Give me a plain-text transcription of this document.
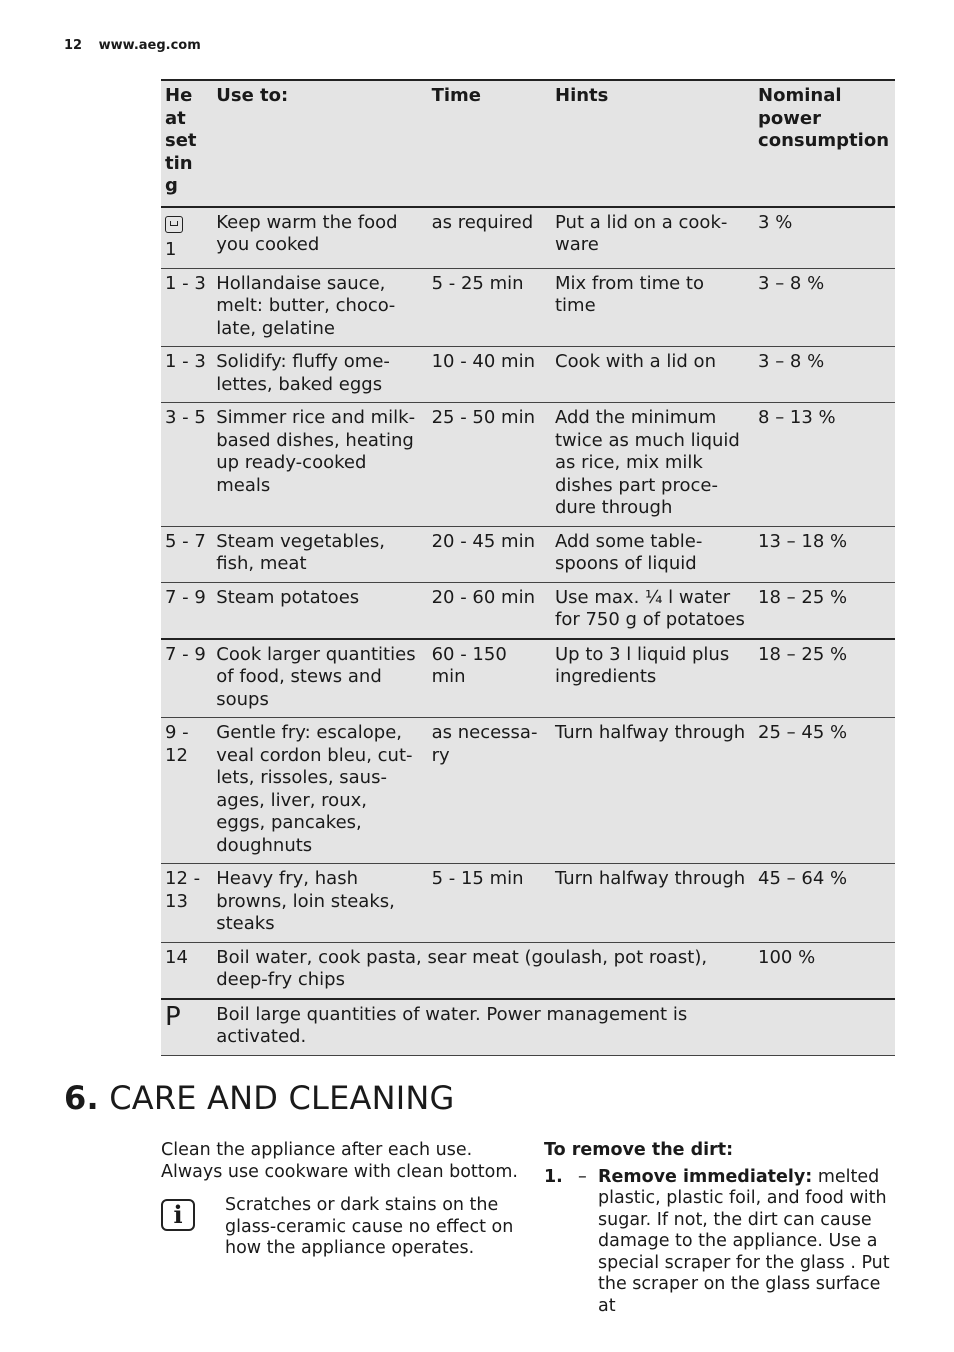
12 www.aeg.com
He
at
set
tin
g	Use to:	Time	Hints	Nominal power consumption

1	Keep warm the food you cooked	as required	Put a lid on a cookware	3 %
1 - 3	Hollandaise sauce, melt: butter, chocolate, gelatine	5 - 25 min	Mix from time to time	3 – 8 %
1 - 3	Solidify: fluffy omelettes, baked eggs	10 - 40 min	Cook with a lid on	3 – 8 %
3 - 5	Simmer rice and milkbased dishes, heating up ready-cooked meals	25 - 50 min	Add the minimum twice as much liquid as rice, mix milk dishes part procedure through	8 – 13 %
5 - 7	Steam vegetables, fish, meat	20 - 45 min	Add some tablespoons of liquid	13 – 18 %
7 - 9	Steam potatoes	20 - 60 min	Use max. ¼ l water for 750 g of potatoes	18 – 25 %
7 - 9	Cook larger quantities of food, stews and soups	60 - 150 min	Up to 3 l liquid plus ingredients	18 – 25 %
9 - 12	Gentle fry: escalope, veal cordon bleu, cutlets, rissoles, sausages, liver, roux, eggs, pancakes, doughnuts	as necessary	Turn halfway through	25 – 45 %
12 - 13	Heavy fry, hash browns, loin steaks, steaks	5 - 15 min	Turn halfway through	45 – 64 %
14	Boil water, cook pasta, sear meat (goulash, pot roast), deep-fry chips			100 %
P	Boil large quantities of water. Power management is activated.			
6. CARE AND CLEANING

Clean the appliance after each use. Always use cookware with clean bottom.

i	Scratches or dark stains on the glass-ceramic cause no effect on how the appliance operates.

To remove the dirt:

1. – Remove immediately: melted plastic, plastic foil, and food with sugar. If not, the dirt can cause damage to the appliance. Use a special scraper for the glass . Put the scraper on the glass surface at
